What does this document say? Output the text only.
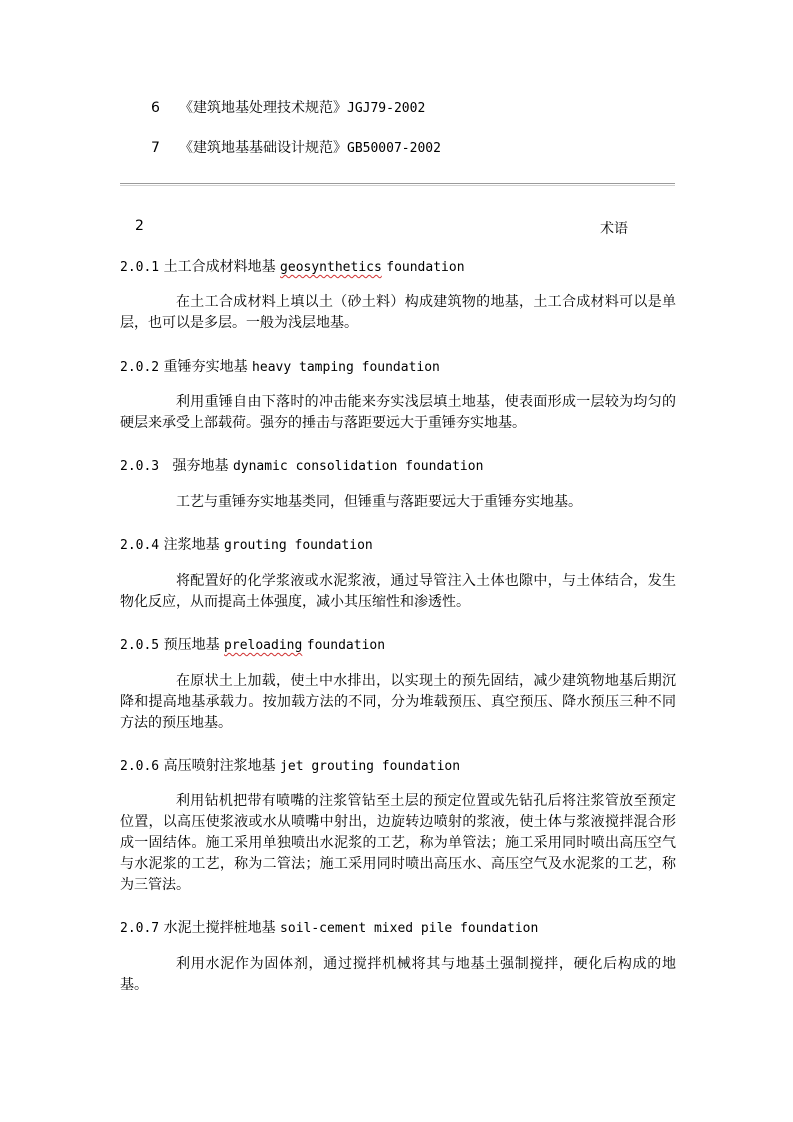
6 《建筑地基处理技术规范》JGJ79-2002
7 《建筑地基基础设计规范》GB50007-2002
2	术语
2.0.1 土工合成材料地基 geosynthetics foundation

在土工合成材料上填以土（砂土料）构成建筑物的地基，土工合成材料可以是单层，也可以是多层。一般为浅层地基。

2.0.2 重锤夯实地基 heavy tamping foundation

利用重锤自由下落时的冲击能来夯实浅层填土地基，使表面形成一层较为均匀的硬层来承受上部载荷。强夯的捶击与落距要远大于重锤夯实地基。

2.0.3 强夯地基 dynamic consolidation foundation

工艺与重锤夯实地基类同，但锤重与落距要远大于重锤夯实地基。

2.0.4 注浆地基 grouting foundation

将配置好的化学浆液或水泥浆液，通过导管注入土体也隙中，与土体结合，发生物化反应，从而提高土体强度，减小其压缩性和渗透性。

2.0.5 预压地基 preloading foundation

在原状土上加载，使土中水排出，以实现土的预先固结，减少建筑物地基后期沉降和提高地基承载力。按加载方法的不同，分为堆载预压、真空预压、降水预压三种不同方法的预压地基。

2.0.6 高压喷射注浆地基 jet grouting foundation

利用钻机把带有喷嘴的注浆管钻至土层的预定位置或先钻孔后将注浆管放至预定位置，以高压使浆液或水从喷嘴中射出，边旋转边喷射的浆液，使土体与浆液搅拌混合形成一固结体。施工采用单独喷出水泥浆的工艺，称为单管法；施工采用同时喷出高压空气与水泥浆的工艺，称为二管法；施工采用同时喷出高压水、高压空气及水泥浆的工艺，称为三管法。

2.0.7 水泥土搅拌桩地基 soil-cement mixed pile foundation

利用水泥作为固体剂，通过搅拌机械将其与地基土强制搅拌，硬化后构成的地基。
